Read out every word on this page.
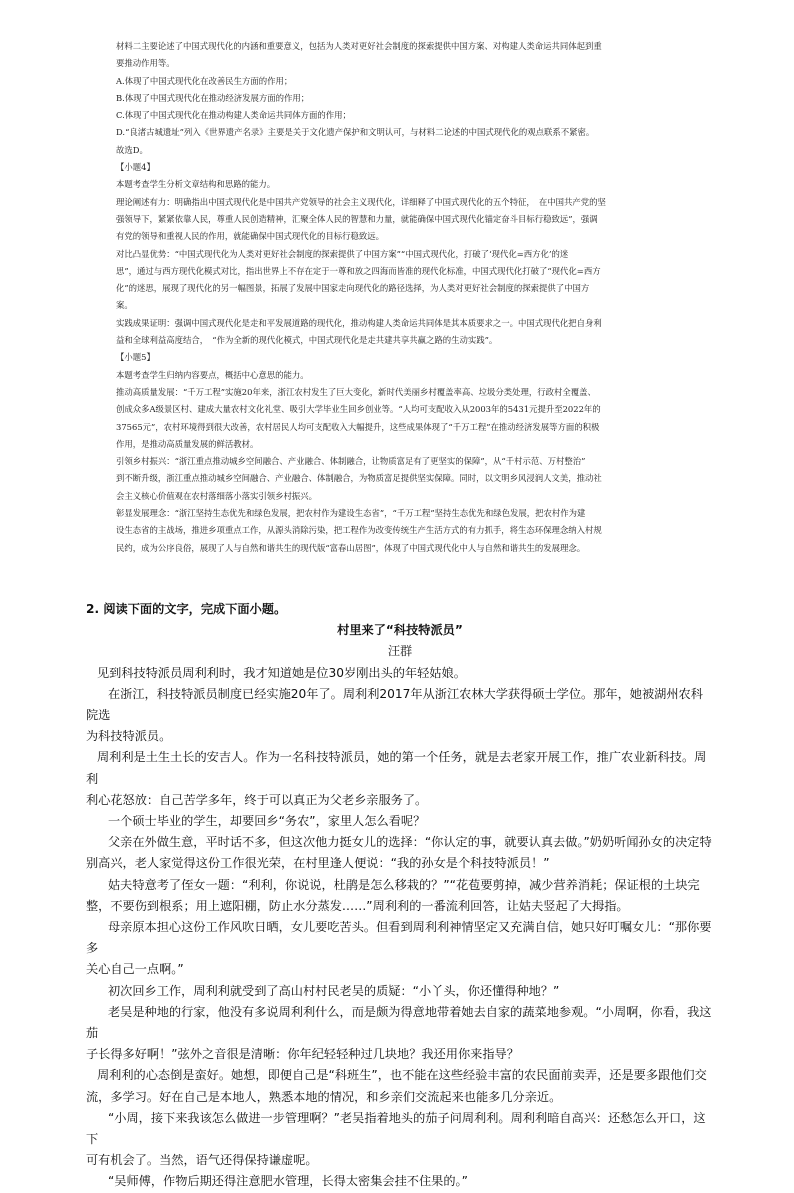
材料二主要论述了中国式现代化的内涵和重要意义，包括为人类对更好社会制度的探索提供中国方案、对构建人类命运共同体起到重

要推动作用等。

A.体现了中国式现代化在改善民生方面的作用；

B.体现了中国式现代化在推动经济发展方面的作用；

C.体现了中国式现代化在推动构建人类命运共同体方面的作用；

D.“良渚古城遗址”列入《世界遗产名录》主要是关于文化遗产保护和文明认可，与材料二论述的中国式现代化的观点联系不紧密。

故选D。

【小题4】

本题考查学生分析文章结构和思路的能力。

理论阐述有力：明确指出中国式现代化是中国共产党领导的社会主义现代化，详细释了中国式现代化的五个特征，　在中国共产党的坚

强领导下，紧紧依靠人民，尊重人民创造精神，汇聚全体人民的智慧和力量，就能确保中国式现代化锚定奋斗目标行稳致远”，强调

有党的领导和重视人民的作用，就能确保中国式现代化的目标行稳致远。

对比凸显优势：“中国式现代化为人类对更好社会制度的探索提供了中国方案”“中国式现代化，打破了‘现代化=西方化’的迷

思”，通过与西方现代化模式对比，指出世界上不存在定于一尊和放之四海而皆准的现代化标准，中国式现代化打破了“现代化=西方

化”的迷思，展现了现代化的另一幅图景，拓展了发展中国家走向现代化的路径选择，为人类对更好社会制度的探索提供了中国方

案。

实践成果证明：强调中国式现代化是走和平发展道路的现代化，推动构建人类命运共同体是其本质要求之一。中国式现代化把自身利

益和全球利益高度结合，　“作为全新的现代化模式，中国式现代化是走共建共享共赢之路的生动实践”。

【小题5】

本题考查学生归纳内容要点，概括中心意思的能力。

推动高质量发展：“千万工程”实施20年来，浙江农村发生了巨大变化，新时代美丽乡村覆盖率高、垃圾分类处理，行政村全覆盖、

创成众多A级景区村、建成大量农村文化礼堂、吸引大学毕业生回乡创业等。“人均可支配收入从2003年的5431元提升至2022年的

37565元”，农村环境得到很大改善，农村居民人均可支配收入大幅提升，这些成果体现了“千万工程”在推动经济发展等方面的积极

作用，是推动高质量发展的鲜活教材。

引领乡村振兴：“浙江重点推动城乡空间融合、产业融合、体制融合，让物质富足有了更坚实的保障”，从“千村示范、万村整治”

到不断升级，浙江重点推动城乡空间融合、产业融合、体制融合，为物质富足提供坚实保障。同时，以文明乡风浸润人文美，推动社

会主义核心价值观在农村落细落小落实引领乡村振兴。

彰显发展理念：“浙江坚持生态优先和绿色发展，把农村作为建设生态省”，“千万工程”坚持生态优先和绿色发展，把农村作为建

设生态省的主战场，推进乡项重点工作，从源头消除污染，把工程作为改变传统生产生活方式的有力抓手，将生态环保理念纳入村规

民约，成为公序良俗，展现了人与自然和谐共生的现代版“富春山居图”，体现了中国式现代化中人与自然和谐共生的发展理念。

2. 阅读下面的文字，完成下面小题。

村里来了“科技特派员”

汪群

见到科技特派员周利利时，我才知道她是位30岁刚出头的年轻姑娘。

在浙江，科技特派员制度已经实施20年了。周利利2017年从浙江农林大学获得硕士学位。那年，她被湖州农科院选

为科技特派员。

周利利是土生土长的安吉人。作为一名科技特派员，她的第一个任务，就是去老家开展工作，推广农业新科技。周利

利心花怒放：自己苦学多年，终于可以真正为父老乡亲服务了。

一个硕士毕业的学生，却要回乡“务农”，家里人怎么看呢？

父亲在外做生意，平时话不多，但这次他力挺女儿的选择：“你认定的事，就要认真去做。”奶奶听闻孙女的决定特

别高兴，老人家觉得这份工作很光荣，在村里逢人便说：“我的孙女是个科技特派员！”

姑夫特意考了侄女一题：“利利，你说说，杜鹃是怎么移栽的？”“花苞要剪掉，减少营养消耗；保证根的土块完

整，不要伤到根系；用上遮阳棚，防止水分蒸发……”周利利的一番流利回答，让姑夫竖起了大拇指。

母亲原本担心这份工作风吹日晒，女儿要吃苦头。但看到周利利神情坚定又充满自信，她只好叮嘱女儿：“那你要多

关心自己一点啊。”

初次回乡工作，周利利就受到了高山村村民老吴的质疑：“小丫头，你还懂得种地？”

老吴是种地的行家，他没有多说周利利什么，而是颇为得意地带着她去自家的蔬菜地参观。“小周啊，你看，我这茄

子长得多好啊！”弦外之音很是清晰：你年纪轻轻种过几块地？我还用你来指导？

周利利的心态倒是蛮好。她想，即便自己是“科班生”，也不能在这些经验丰富的农民面前卖弄，还是要多跟他们交

流，多学习。好在自己是本地人，熟悉本地的情况，和乡亲们交流起来也能多几分亲近。

“小周，接下来我该怎么做进一步管理啊？”老吴指着地头的茄子问周利利。周利利暗自高兴：还愁怎么开口，这下

可有机会了。当然，语气还得保持谦虚呢。

“吴师傅，作物后期还得注意肥水管理，长得太密集会挂不住果的。”
